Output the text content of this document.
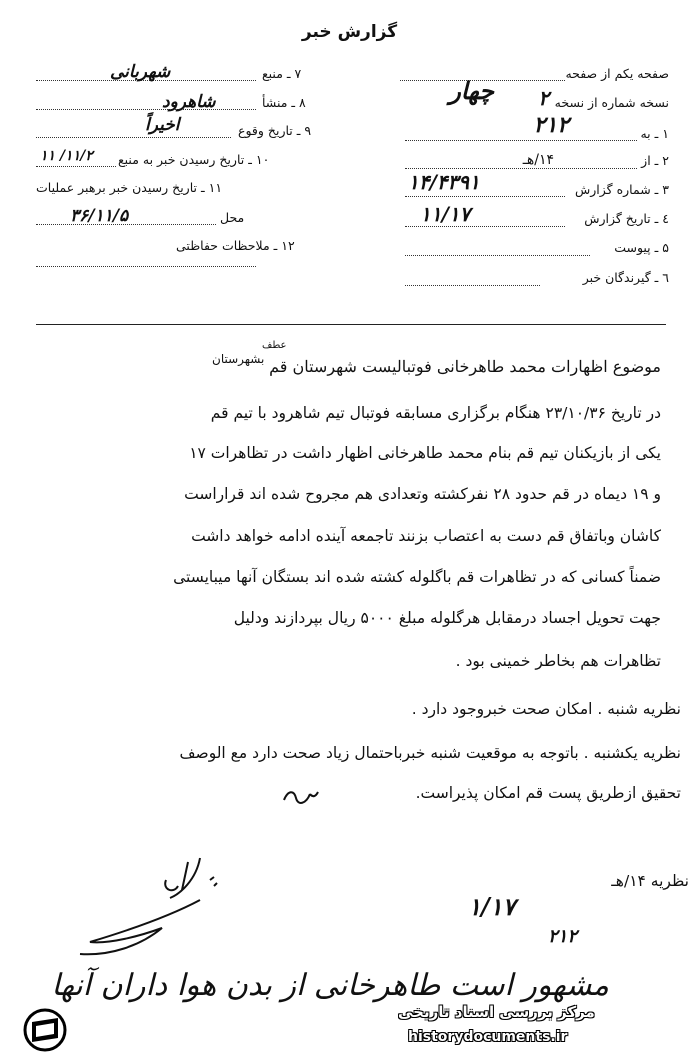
گزارش خبر
صفحه یکم از صفحه
نسخه شماره از نسخه
۲
چهار
۱ ـ به
۲۱۲
۲ ـ از
۱۴/هـ
۳ ـ شماره گزارش
۱۴/۴۳۹۱
٤ ـ تاریخ گزارش
۱۱/۱۷
۵ ـ پیوست
٦ ـ گیرندگان خبر
۷ ـ منبع
شهربانی
۸ ـ منشأ
شاهرود
۹ ـ تاریخ وقوع
اخیراً
۱۰ ـ تاریخ رسیدن خبر به منبع
۱۱/۲/ ۱۱
۱۱ ـ تاریخ رسیدن خبر برهبر عملیات
محل
۳۶/۱۱/۵
۱۲ ـ ملاحظات حفاظتی
عطف
موضوع اظهارات محمد طاهرخانی فوتبالیست شهرستان قم
بشهرستان
در تاریخ ۲۳/۱۰/۳۶ هنگام برگزاری مسابقه فوتبال تیم شاهرود با تیم قم
یکی از بازیکنان تیم قم بنام محمد طاهرخانی اظهار داشت در تظاهرات ۱۷
و ۱۹ دیماه در قم حدود ۲۸ نفرکشته وتعدادی هم مجروح شده اند قراراست
کاشان وباتفاق قم دست به اعتصاب بزنند تاجمعه آینده ادامه خواهد داشت
ضمناً کسانی که در تظاهرات قم باگلوله کشته شده اند بستگان آنها میبایستی
جهت تحویل اجساد درمقابل هرگلوله مبلغ ۵۰۰۰ ریال بپردازند ودلیل
تظاهرات هم بخاطر خمینی بود .
نظریه شنبه . امکان صحت خبروجود دارد .
نظریه یکشنبه . باتوجه به موقعیت شنبه خبرباحتمال زیاد صحت دارد مع الوصف
تحقیق ازطریق پست قم امکان پذیراست.
نظریه ۱۴/هـ
۱/۱۷
۲۱۲
مشهور است طاهرخانی از بدن هوا داران آنها
مرکز بررسی اسناد تاریخی
historydocuments.ir
